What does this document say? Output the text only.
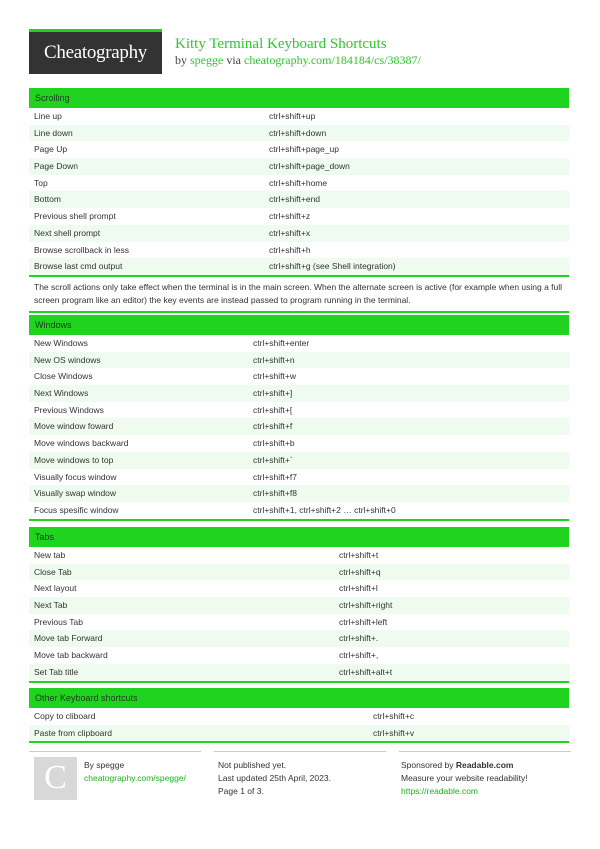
Cheatography	Kitty Terminal Keyboard Shortcuts
by spegge via cheatography.com/184184/cs/38387/
Scrolling
Line up	ctrl+shift+up
Line down	ctrl+shift+down
Page Up	ctrl+shift+page_up
Page Down	ctrl+shift+page_down
Top	ctrl+shift+home
Bottom	ctrl+shift+end
Previous shell prompt	ctrl+shift+z
Next shell prompt	ctrl+shift+x
Browse scrollback in less	ctrl+shift+h
Browse last cmd output	ctrl+shift+g (see Shell integration)
The scroll actions only take effect when the terminal is in the main screen. When the alternate screen is active (for example when using a full screen program like an editor) the key events are instead passed to program running in the terminal.
Windows
New Windows	ctrl+shift+enter
New OS windows	ctrl+shift+n
Close Windows	ctrl+shift+w
Next Windows	ctrl+shift+]
Previous Windows	ctrl+shift+[
Move window foward	ctrl+shift+f
Move windows backward	ctrl+shift+b
Move windows to top	ctrl+shift+`
Visually focus window	ctrl+shift+f7
Visually swap window	ctrl+shift+f8
Focus spesific window	ctrl+shift+1, ctrl+shift+2 … ctrl+shift+0
Tabs
New tab	ctrl+shift+t
Close Tab	ctrl+shift+q
Next layout	ctrl+shift+l
Next Tab	ctrl+shift+right
Previous Tab	ctrl+shift+left
Move tab Forward	ctrl+shift+.
Move tab backward	ctrl+shift+,
Set Tab title	ctrl+shift+alt+t
Other Keyboard shortcuts
Copy to cliboard	ctrl+shift+c
Paste from clipboard	ctrl+shift+v
C	By spegge
cheatography.com/spegge/
Not published yet.
Last updated 25th April, 2023.
Page 1 of 3.
Sponsored by Readable.com
Measure your website readability!
https://readable.com
